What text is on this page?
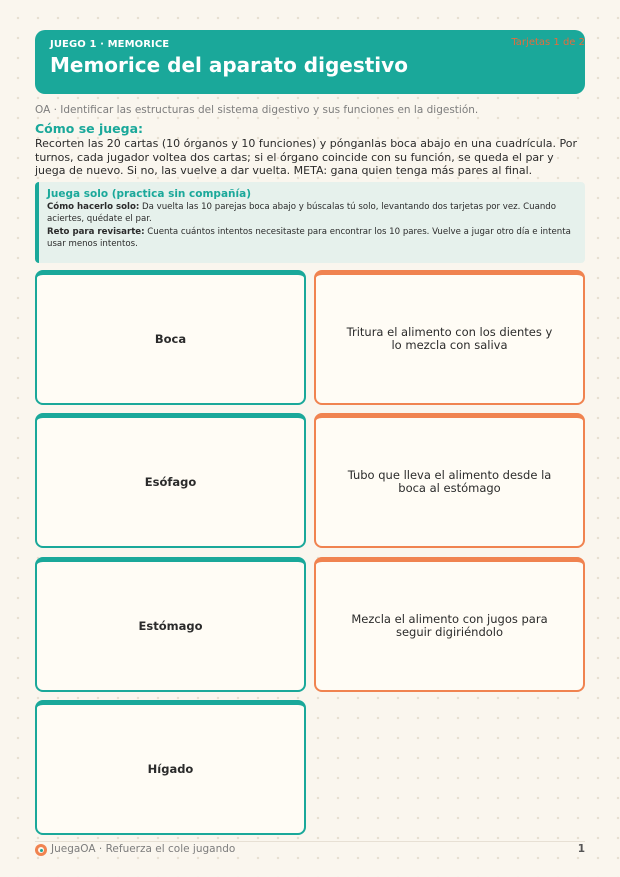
JUEGO 1 · MEMORICE
Memorice del aparato digestivo
Tarjetas 1 de 2
OA · Identificar las estructuras del sistema digestivo y sus funciones en la digestión.
Cómo se juega:
Recorten las 20 cartas (10 órganos y 10 funciones) y pónganlas boca abajo en una cuadrícula. Por turnos, cada jugador voltea dos cartas; si el órgano coincide con su función, se queda el par y juega de nuevo. Si no, las vuelve a dar vuelta. META: gana quien tenga más pares al final.
Juega solo (practica sin compañía)
Cómo hacerlo solo: Da vuelta las 10 parejas boca abajo y búscalas tú solo, levantando dos tarjetas por vez. Cuando aciertes, quédate el par.
Reto para revisarte: Cuenta cuántos intentos necesitaste para encontrar los 10 pares. Vuelve a jugar otro día e intenta usar menos intentos.
Boca	Tritura el alimento con los dientes y lo mezcla con saliva
Esófago	Tubo que lleva el alimento desde la boca al estómago
Estómago	Mezcla el alimento con jugos para seguir digiriéndolo
Hígado
JuegaOA · Refuerza el cole jugando	1
